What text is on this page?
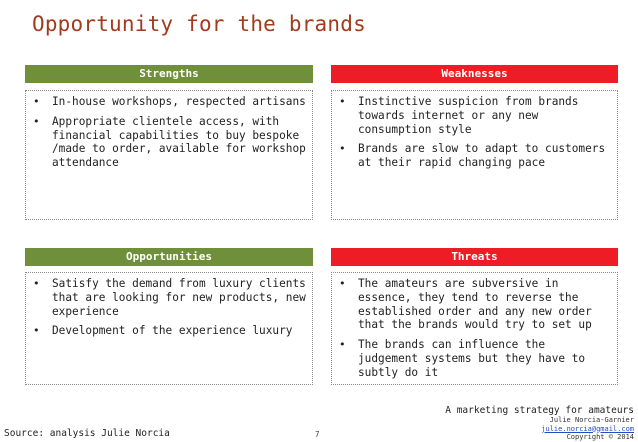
Opportunity for the brands
Strengths
• In-house workshops, respected artisans
• Appropriate clientele access, with financial capabilities to buy bespoke /made to order, available for workshop attendance
Weaknesses
• Instinctive suspicion from brands towards internet or any new consumption style
• Brands are slow to adapt to customers at their rapid changing pace
Opportunities
• Satisfy the demand from luxury clients that are looking for new products, new experience
• Development of the experience luxury
Threats
• The amateurs are subversive in essence, they tend to reverse the established order and any new order that the brands would try to set up
• The brands can influence the judgement systems but they have to subtly do it
Source: analysis Julie Norcia	7
A marketing strategy for amateurs
Julie Norcia-Garnier
julie.norcia@gmail.com
Copyright © 2014
